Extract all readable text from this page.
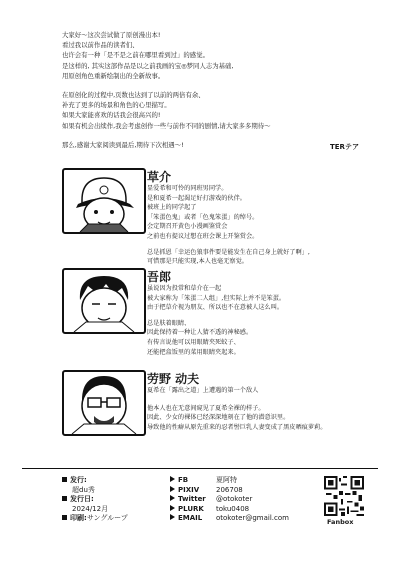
大家好～这次尝试做了原创漫出本!

看过我以前作品的读者们、

也许会有一种「是不是之前在哪里看到过」的感觉。

是这样的, 其实这部作品是以之前我画的宝◎梦同人志为基础,

用原创角色重新绘制出的全新故事。

在原创化的过程中,页数也达到了以前的两倍有余、

补充了更多的场景和角色的心里描写。

如果大家能喜欢的话我会很高兴的!

如果有机会出续作,我会考虑创作一些与前作不同的剧情,请大家多多期待～

那么,感谢大家阅读到最后,期待下次相遇～!	TERテア
草介

显爱希和可怜的同班男同学。

是和夏希一起渴足好打游戏的伙伴。

被班上的同学起了

「笨蛋色鬼」或者「色鬼笨蛋」的绰号。

会定期召开黄色小漫画鉴赏会

之前也有提议过想在班会课上开鉴赏会。

总是抓恩「幸运色狼事件要是能发生在自己身上就好了啊」,

可惜那是只能实现,本人也毫无察觉。

吾郎

虽说因为投常和草介在一起

被大家称为「笨蛋二人组」,但实际上并不是笨蛋。

由于把草介视为朋友、所以也不在意被人这么叫。

总是肤着眼睛、

因此保持着一种让人猜不透的神秘感。

有传言说他可以用眼睛夹死蚊子、

还能把盒饭里的菜用眼睛夹起来。

劳野 动夫

夏希在「露出之道」上遭遇的第一个敌人

他本人也在无意间窥见了夏希全裸的样子。

因此、少女的裸体已经深深地刻在了他的潜意识里。

导致他的性癖从原先重来的忍者髻巨乳人妻变成了黑皮晒痕萝莉。

发行:

超du秀

发行日:

2024/12月

印刷:サングループ

FB	夏阿特

PIXIV 206708

Twitter @otokoter

PLURK toku0408

EMAIL otokoter@gmail.com	Fanbox
